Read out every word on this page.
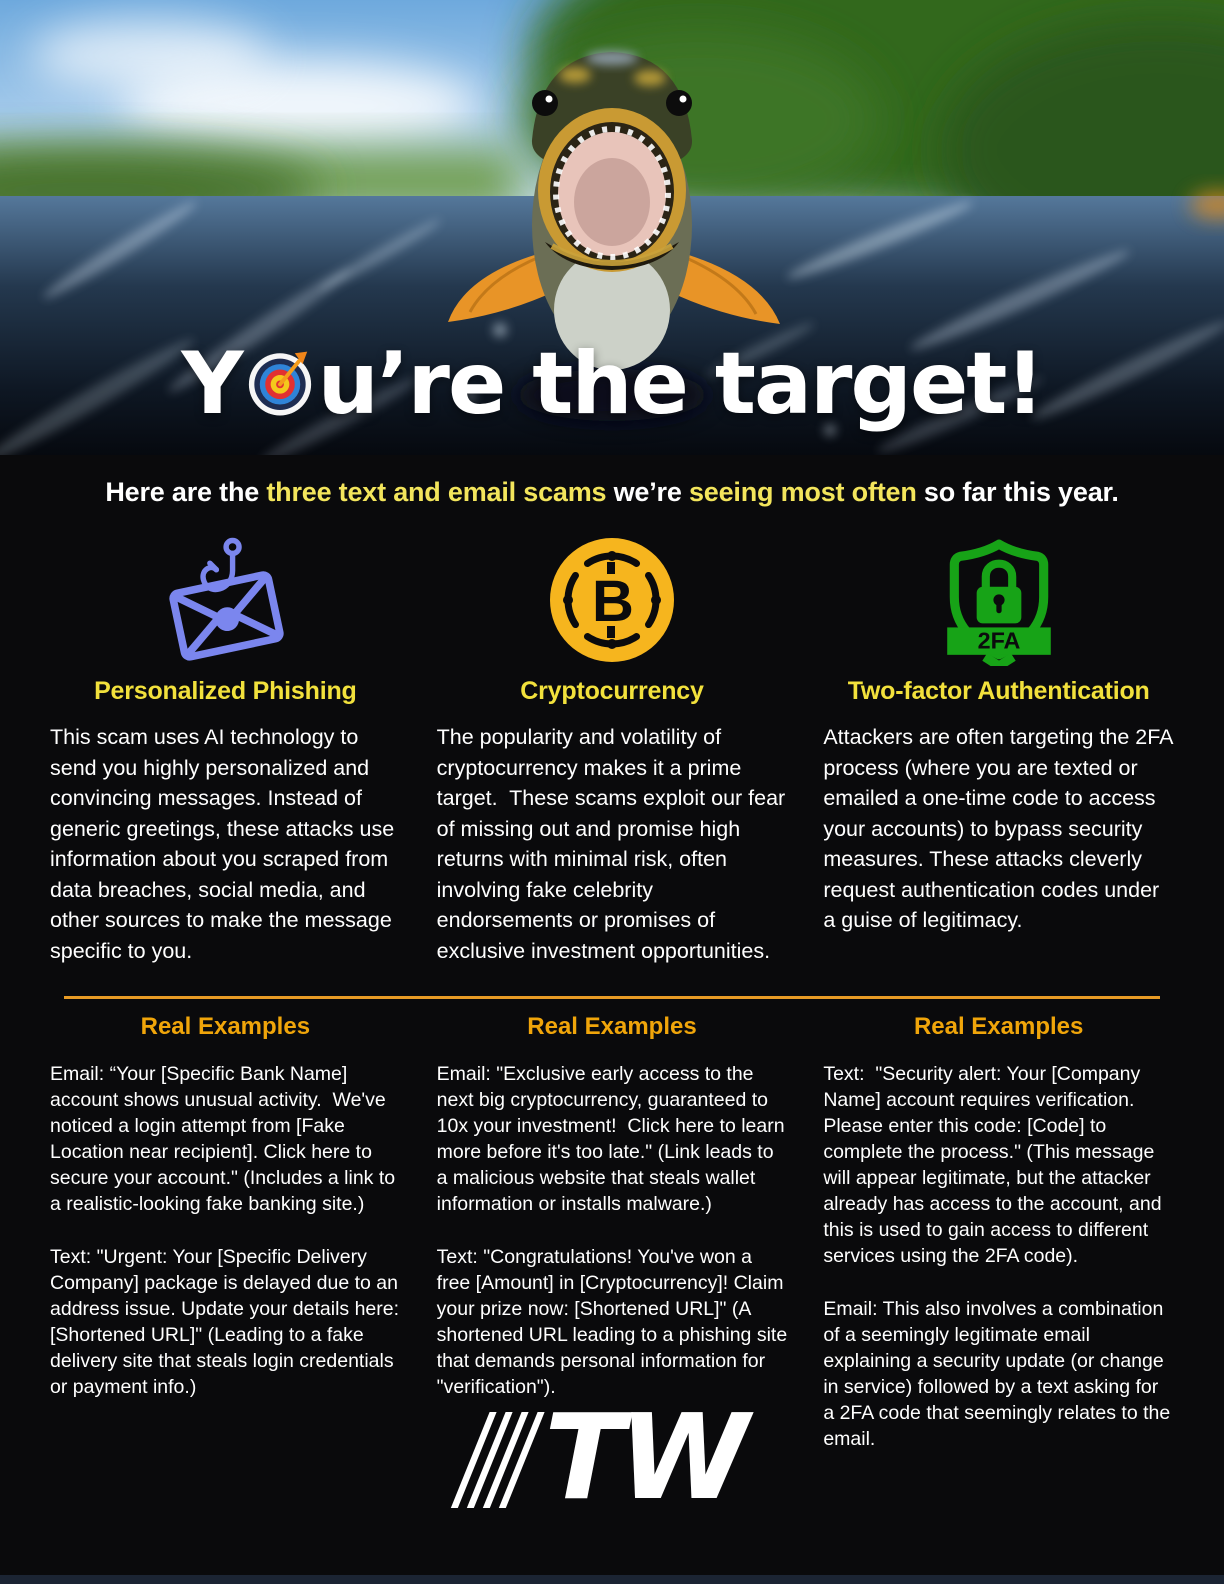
Y u’re the target!
Here are the three text and email scams we’re seeing most often so far this year.
Personalized Phishing
This scam uses AI technology to send you highly personalized and convincing messages. Instead of generic greetings, these attacks use information about you scraped from data breaches, social media, and other sources to make the message specific to you.
B
Cryptocurrency
The popularity and volatility of cryptocurrency makes it a prime target.  These scams exploit our fear of missing out and promise high returns with minimal risk, often involving fake celebrity endorsements or promises of exclusive investment opportunities.
2FA
Two-factor Authentication
Attackers are often targeting the 2FA process (where you are texted or emailed a one-time code to access your accounts) to bypass security measures. These attacks cleverly request authentication codes under a guise of legitimacy.
Real Examples

Email: “Your [Specific Bank Name] account shows unusual activity.  We've noticed a login attempt from [Fake Location near recipient]. Click here to secure your account." (Includes a link to a realistic-looking fake banking site.)

Text: "Urgent: Your [Specific Delivery Company] package is delayed due to an address issue. Update your details here: [Shortened URL]" (Leading to a fake delivery site that steals login credentials or payment info.)

Real Examples

Email: "Exclusive early access to the next big cryptocurrency, guaranteed to 10x your investment!  Click here to learn more before it's too late." (Link leads to a malicious website that steals wallet information or installs malware.)

Text: "Congratulations! You've won a free [Amount] in [Cryptocurrency]! Claim your prize now: [Shortened URL]" (A shortened URL leading to a phishing site that demands personal information for "verification").

Real Examples

Text:  "Security alert: Your [Company Name] account requires verification. Please enter this code: [Code] to complete the process." (This message will appear legitimate, but the attacker already has access to the account, and this is used to gain access to different services using the 2FA code).

Email: This also involves a combination of a seemingly legitimate email explaining a security update (or change in service) followed by a text asking for a 2FA code that seemingly relates to the email.

TW
